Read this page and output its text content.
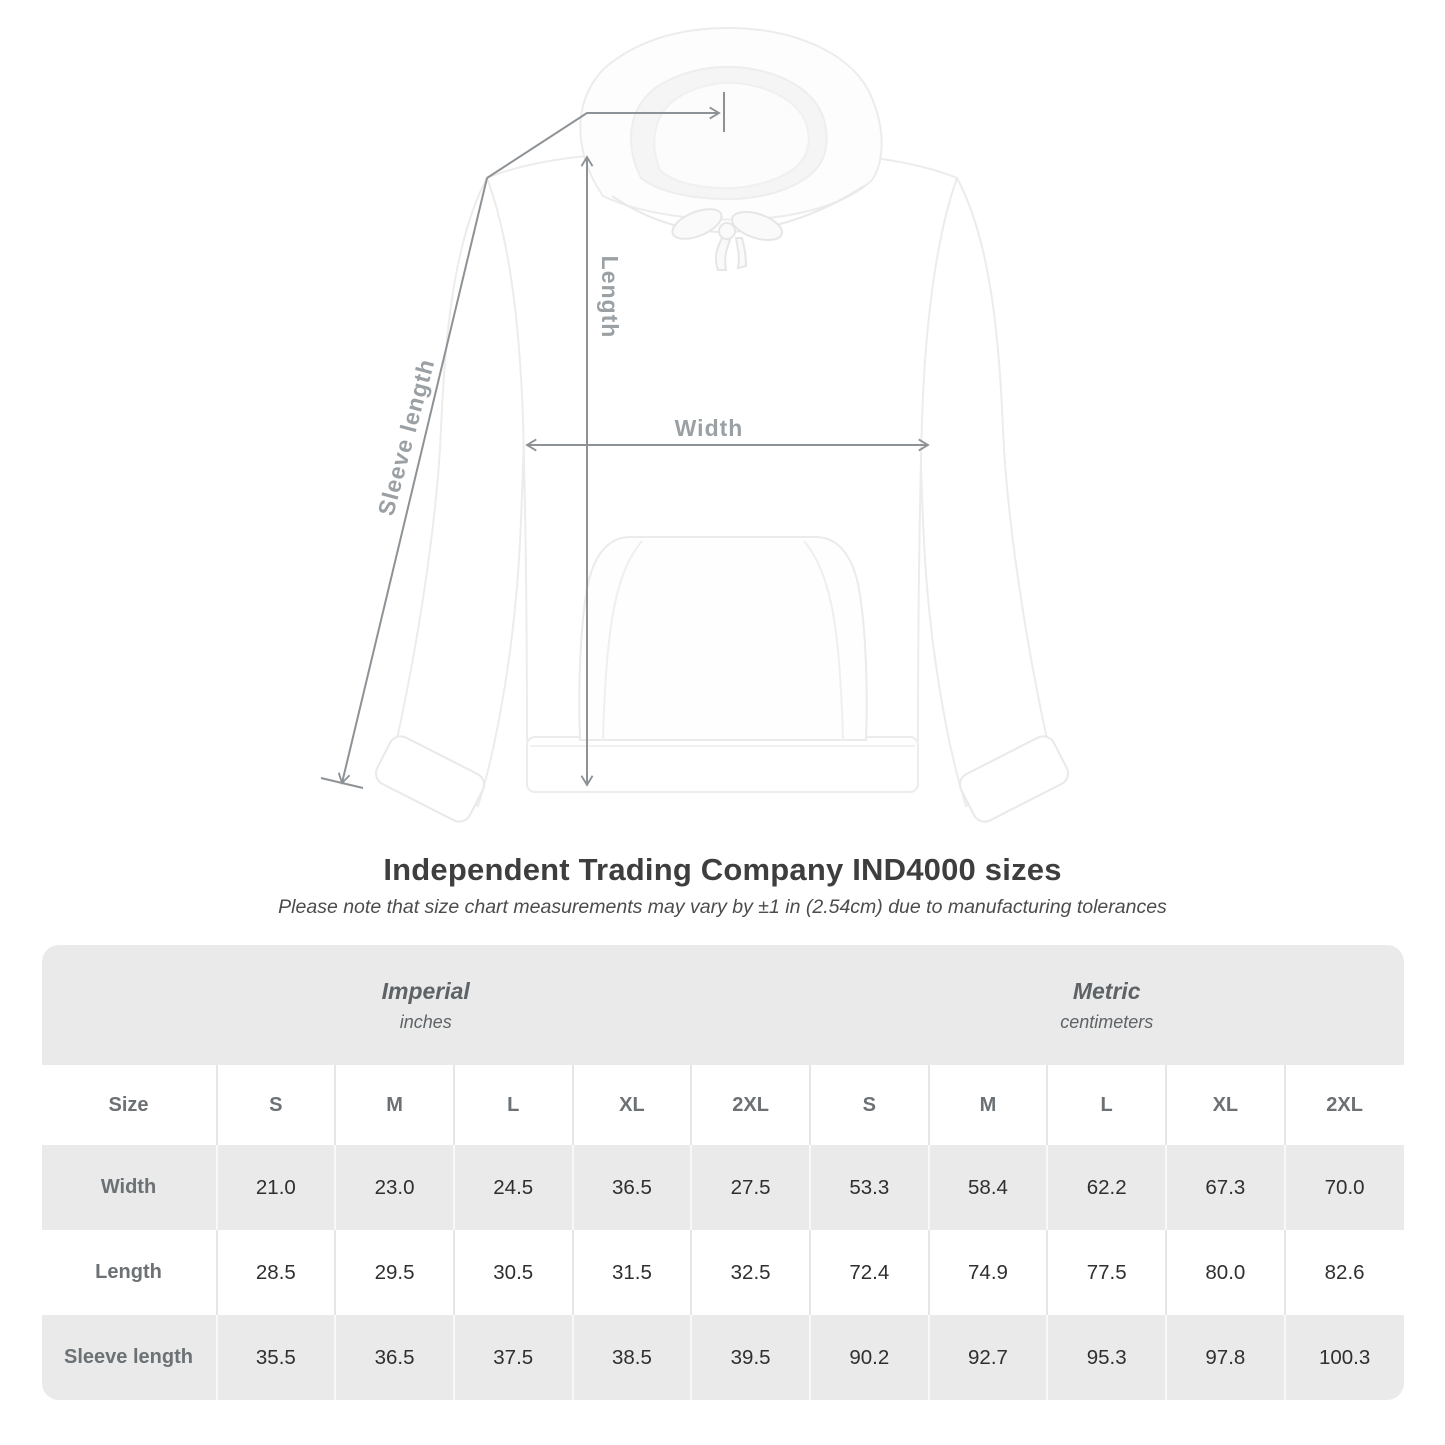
Length
Width
Sleeve length
Independent Trading Company IND4000 sizes

Please note that size chart measurements may vary by ±1 in (2.54cm) due to manufacturing tolerances

Imperial
inches

Metric
centimeters

Size	S	M	L	XL	2XL	S	M	L	XL	2XL
Width	21.0	23.0	24.5	36.5	27.5	53.3	58.4	62.2	67.3	70.0
Length	28.5	29.5	30.5	31.5	32.5	72.4	74.9	77.5	80.0	82.6
Sleeve length	35.5	36.5	37.5	38.5	39.5	90.2	92.7	95.3	97.8	100.3
